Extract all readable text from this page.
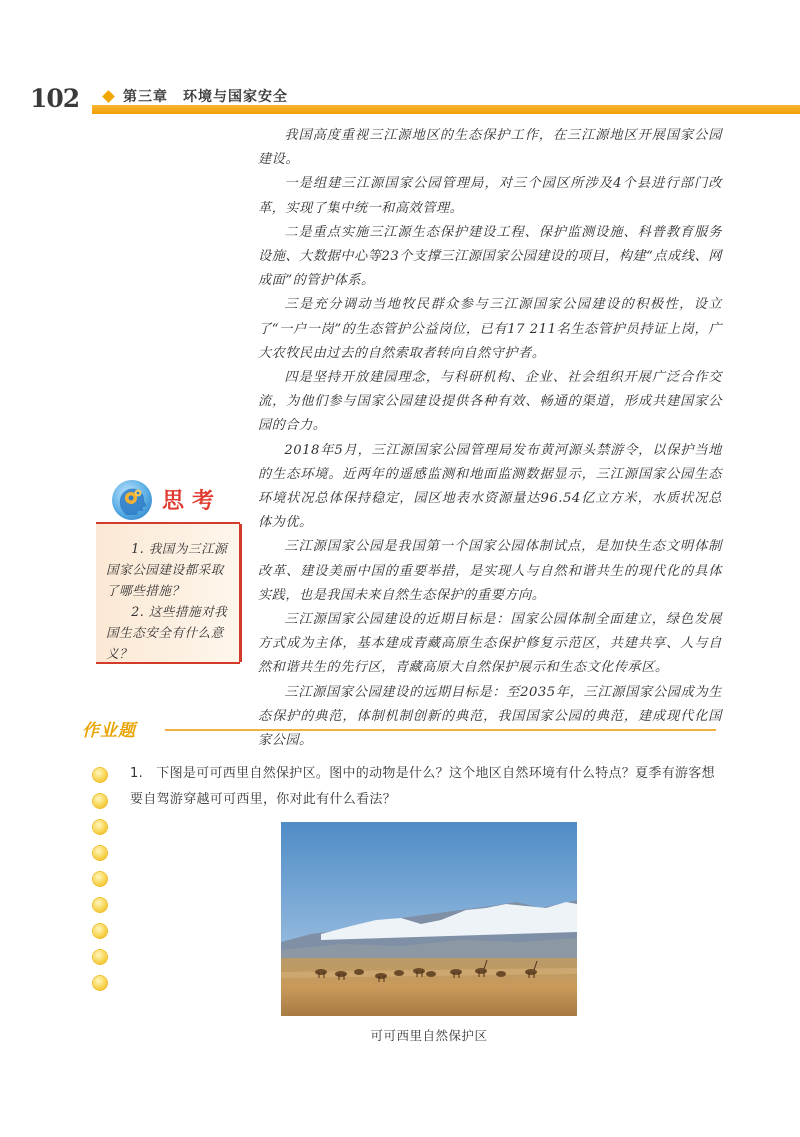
102	第三章　环境与国家安全

我国高度重视三江源地区的生态保护工作，在三江源地区开展国家公园建设。

一是组建三江源国家公园管理局，对三个园区所涉及4个县进行部门改革，实现了集中统一和高效管理。

二是重点实施三江源生态保护建设工程、保护监测设施、科普教育服务设施、大数据中心等23个支撑三江源国家公园建设的项目，构建“点成线、网成面”的管护体系。

三是充分调动当地牧民群众参与三江源国家公园建设的积极性，设立了“一户一岗”的生态管护公益岗位，已有17 211名生态管护员持证上岗，广大农牧民由过去的自然索取者转向自然守护者。

四是坚持开放建园理念，与科研机构、企业、社会组织开展广泛合作交流，为他们参与国家公园建设提供各种有效、畅通的渠道，形成共建国家公园的合力。

2018年5月，三江源国家公园管理局发布黄河源头禁游令，以保护当地的生态环境。近两年的遥感监测和地面监测数据显示，三江源国家公园生态环境状况总体保持稳定，园区地表水资源量达96.54亿立方米，水质状况总体为优。

三江源国家公园是我国第一个国家公园体制试点，是加快生态文明体制改革、建设美丽中国的重要举措，是实现人与自然和谐共生的现代化的具体实践，也是我国未来自然生态保护的重要方向。

三江源国家公园建设的近期目标是：国家公园体制全面建立，绿色发展方式成为主体，基本建成青藏高原生态保护修复示范区，共建共享、人与自然和谐共生的先行区，青藏高原大自然保护展示和生态文化传承区。

三江源国家公园建设的远期目标是：至2035年，三江源国家公园成为生态保护的典范，体制机制创新的典范，我国国家公园的典范，建成现代化国家公园。

思考

1. 我国为三江源国家公园建设都采取了哪些措施？

2. 这些措施对我国生态安全有什么意义？

作业题

1.　下图是可可西里自然保护区。图中的动物是什么？这个地区自然环境有什么特点？夏季有游客想要自驾游穿越可可西里，你对此有什么看法？

可可西里自然保护区
